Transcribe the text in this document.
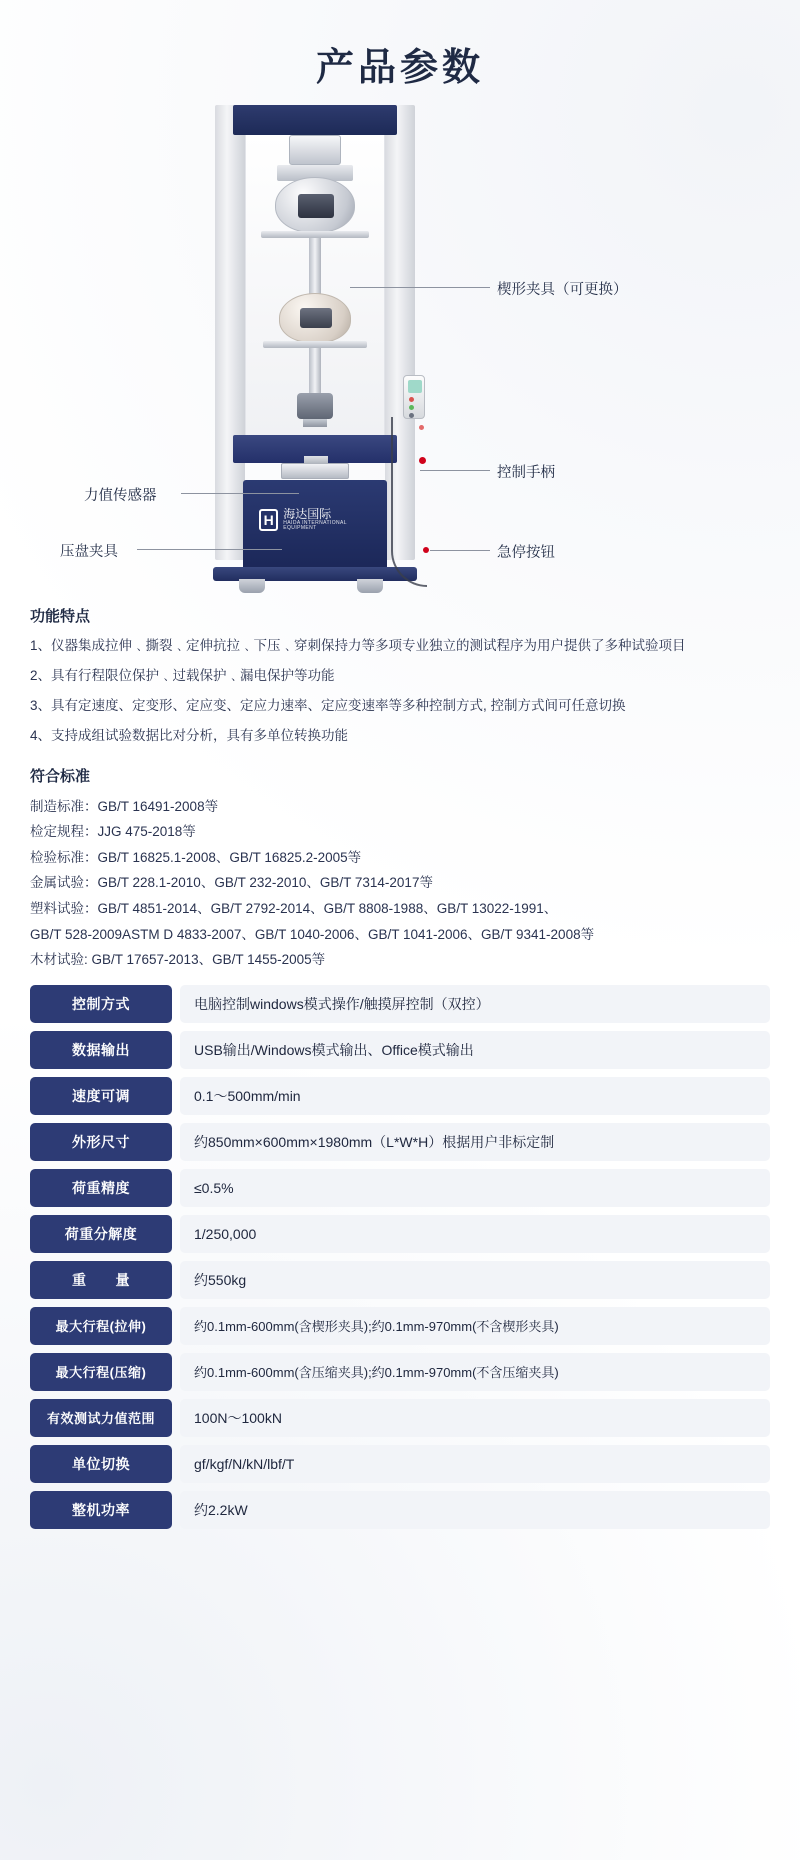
产品参数
H 海达国际
HAIDA INTERNATIONAL EQUIPMENT
楔形夹具（可更换）
控制手柄
急停按钮
力值传感器
压盘夹具
功能特点

1、仪器集成拉伸﹑撕裂﹑定伸抗拉﹑下压﹑穿刺保持力等多项专业独立的测试程序为用户提供了多种试验项目

2、具有行程限位保护﹑过载保护﹑漏电保护等功能

3、具有定速度、定变形、定应变、定应力速率、定应变速率等多种控制方式, 控制方式间可任意切换

4、支持成组试验数据比对分析，具有多单位转换功能

符合标准

制造标准：GB/T 16491-2008等

检定规程：JJG 475-2018等

检验标准：GB/T 16825.1-2008、GB/T 16825.2-2005等

金属试验：GB/T 228.1-2010、GB/T 232-2010、GB/T 7314-2017等

塑料试验：GB/T 4851-2014、GB/T 2792-2014、GB/T 8808-1988、GB/T 13022-1991、

GB/T 528-2009ASTM D 4833-2007、GB/T 1040-2006、GB/T 1041-2006、GB/T 9341-2008等

木材试验: GB/T 17657-2013、GB/T 1455-2005等

控制方式	电脑控制windows模式操作/触摸屏控制（双控）
数据输出	USB输出/Windows模式输出、Office模式输出
速度可调	0.1～500mm/min
外形尺寸	约850mm×600mm×1980mm（L*W*H）根据用户非标定制
荷重精度	≤0.5%
荷重分解度	1/250,000
重　　量	约550kg
最大行程(拉伸)	约0.1mm-600mm(含楔形夹具);约0.1mm-970mm(不含楔形夹具)
最大行程(压缩)	约0.1mm-600mm(含压缩夹具);约0.1mm-970mm(不含压缩夹具)
有效测试力值范围	100N～100kN
单位切换	gf/kgf/N/kN/lbf/T
整机功率	约2.2kW
